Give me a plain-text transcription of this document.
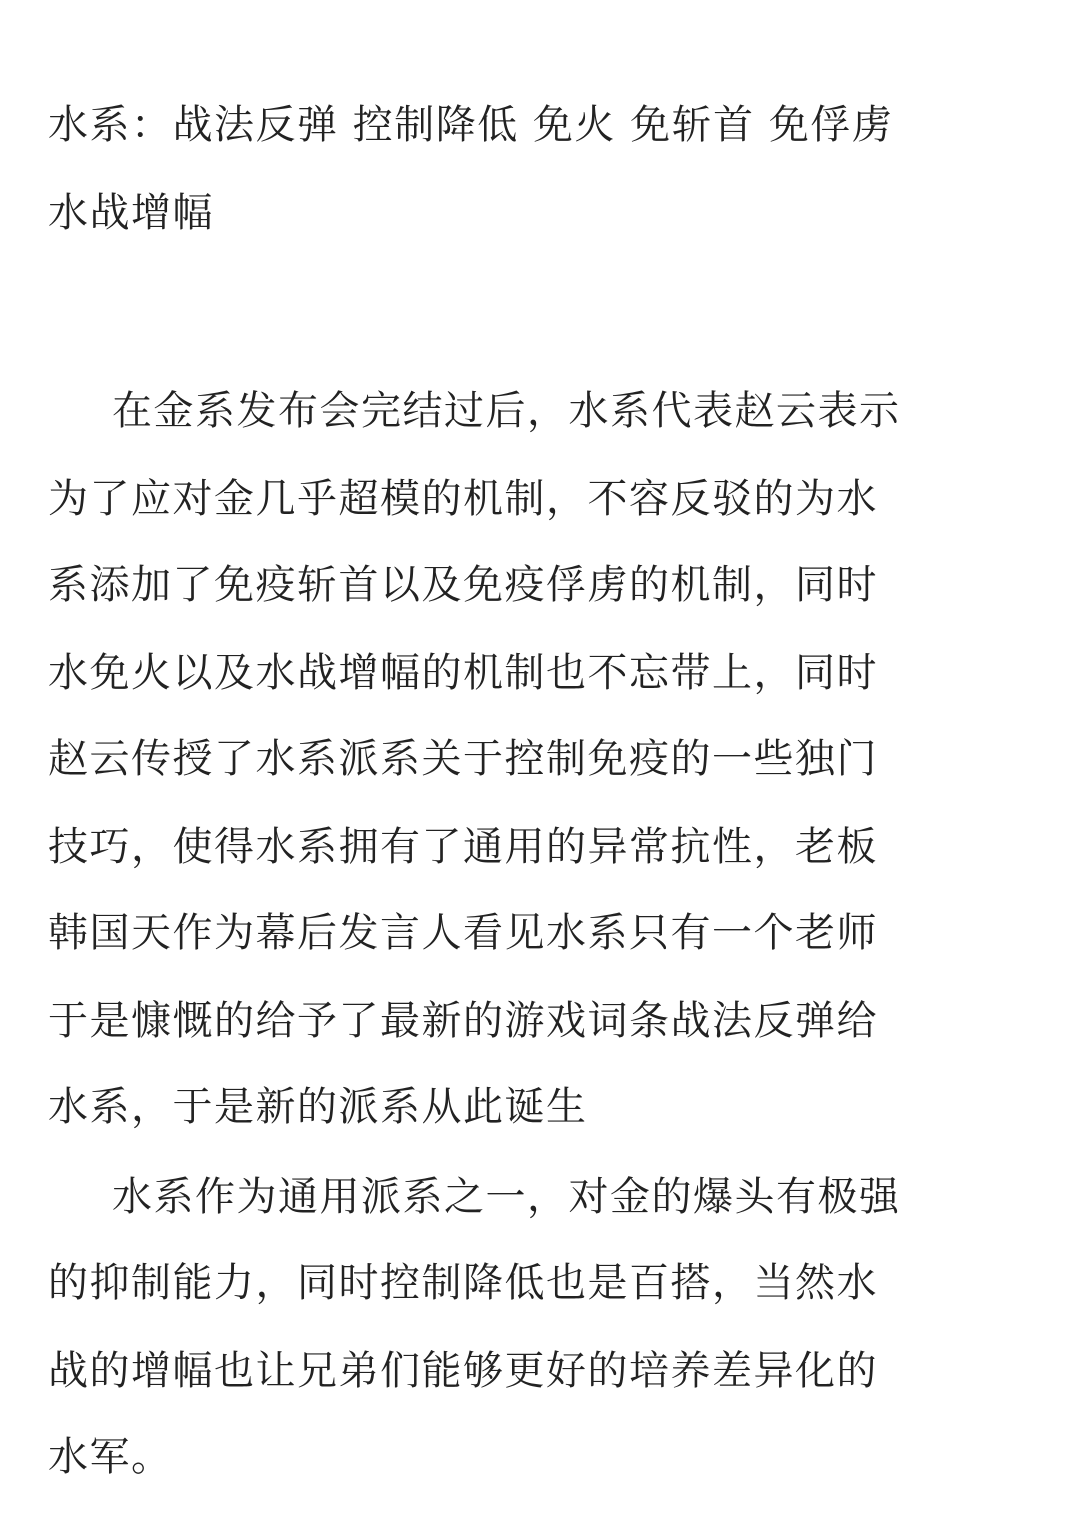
水系：战法反弹 控制降低 免火 免斩首 免俘虏
水战增幅
在金系发布会完结过后，水系代表赵云表示
为了应对金几乎超模的机制，不容反驳的为水
系添加了免疫斩首以及免疫俘虏的机制，同时
水免火以及水战增幅的机制也不忘带上，同时
赵云传授了水系派系关于控制免疫的一些独门
技巧，使得水系拥有了通用的异常抗性，老板
韩国天作为幕后发言人看见水系只有一个老师
于是慷慨的给予了最新的游戏词条战法反弹给
水系，于是新的派系从此诞生
水系作为通用派系之一，对金的爆头有极强
的抑制能力，同时控制降低也是百搭，当然水
战的增幅也让兄弟们能够更好的培养差异化的
水军。
